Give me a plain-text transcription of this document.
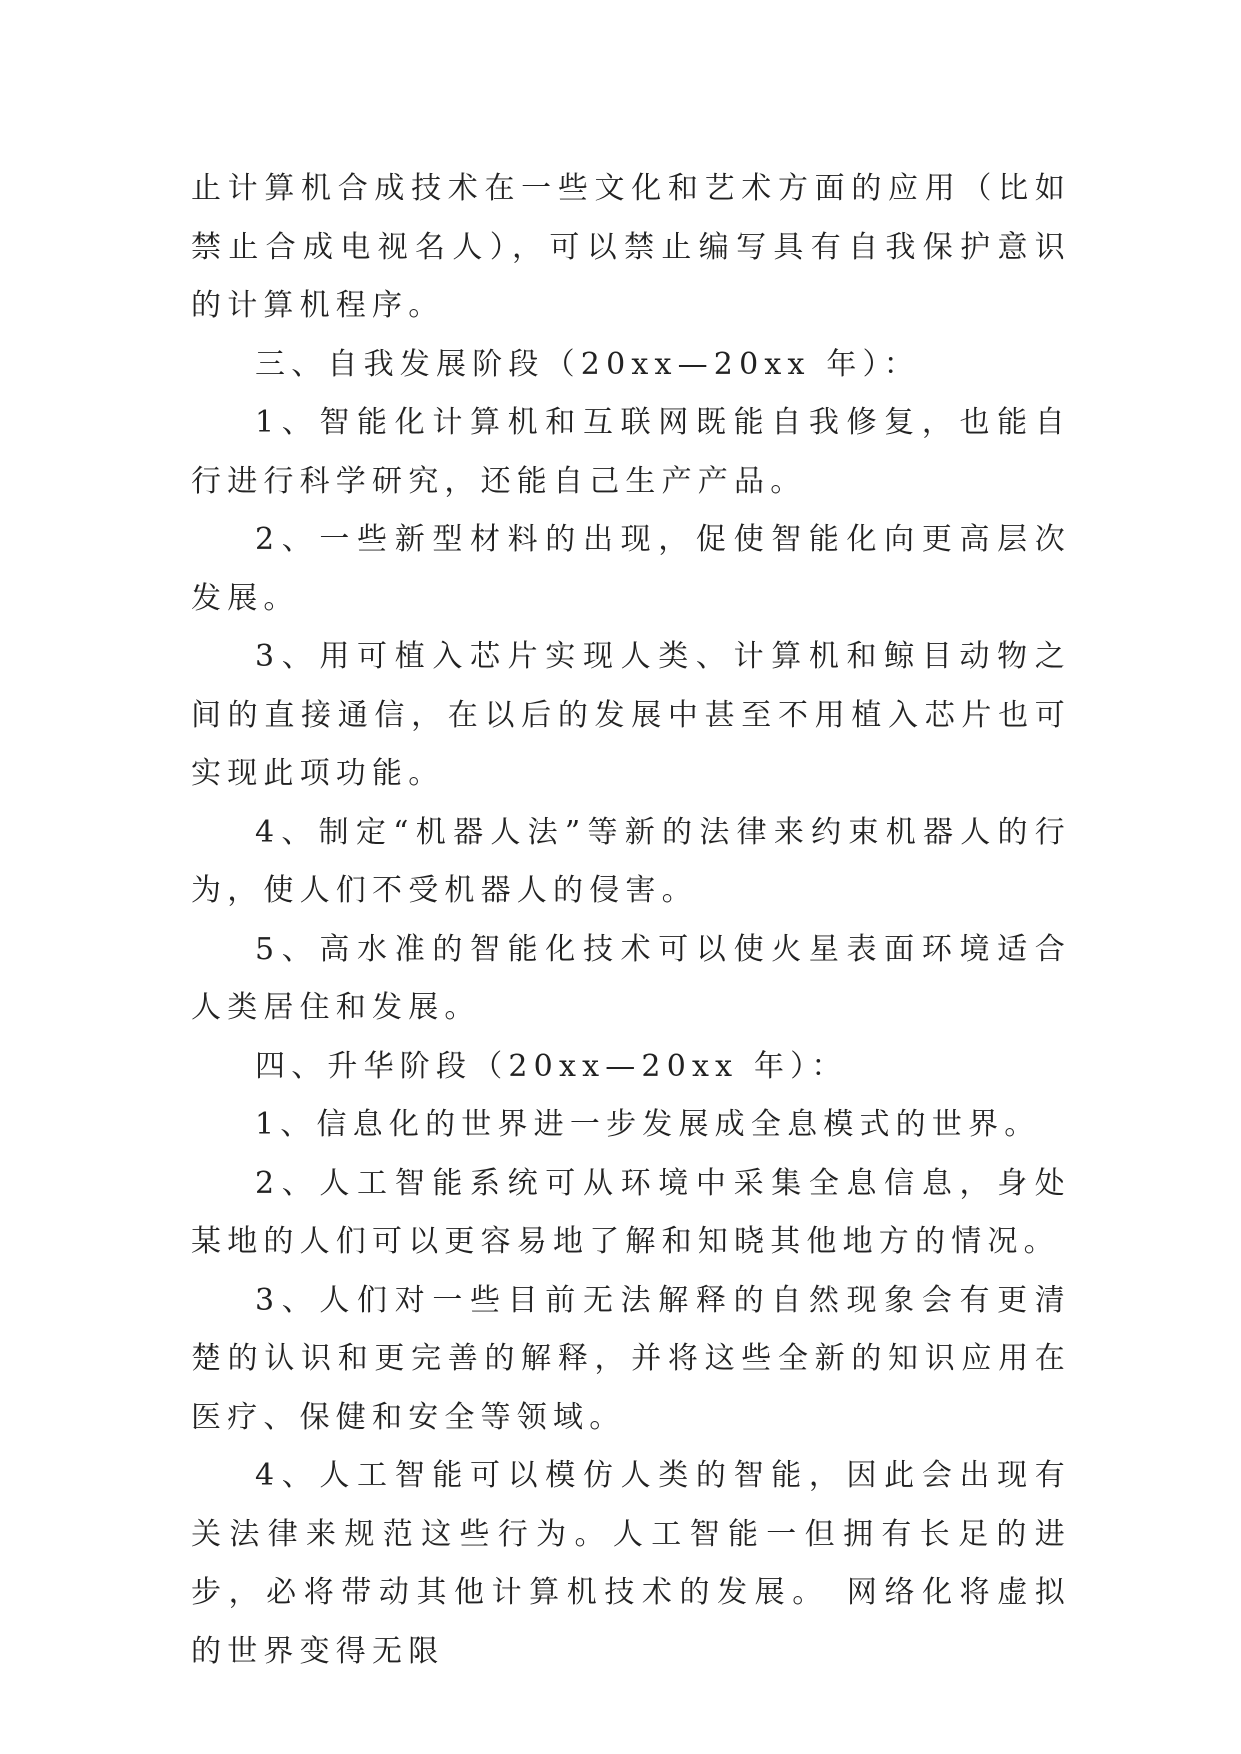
止计算机合成技术在一些文化和艺术方面的应用（比如禁止合成电视名人），可以禁止编写具有自我保护意识的计算机程序。

三、自我发展阶段（20xx—20xx 年）：

1、智能化计算机和互联网既能自我修复，也能自行进行科学研究，还能自己生产产品。

2、一些新型材料的出现，促使智能化向更高层次发展。

3、用可植入芯片实现人类、计算机和鲸目动物之间的直接通信，在以后的发展中甚至不用植入芯片也可实现此项功能。

4、制定“机器人法”等新的法律来约束机器人的行为，使人们不受机器人的侵害。

5、高水准的智能化技术可以使火星表面环境适合人类居住和发展。

四、升华阶段（20xx—20xx 年）：

1、信息化的世界进一步发展成全息模式的世界。

2、人工智能系统可从环境中采集全息信息，身处某地的人们可以更容易地了解和知晓其他地方的情况。

3、人们对一些目前无法解释的自然现象会有更清楚的认识和更完善的解释，并将这些全新的知识应用在医疗、保健和安全等领域。

4、人工智能可以模仿人类的智能，因此会出现有关法律来规范这些行为。人工智能一但拥有长足的进步，必将带动其他计算机技术的发展。 网络化将虚拟的世界变得无限
